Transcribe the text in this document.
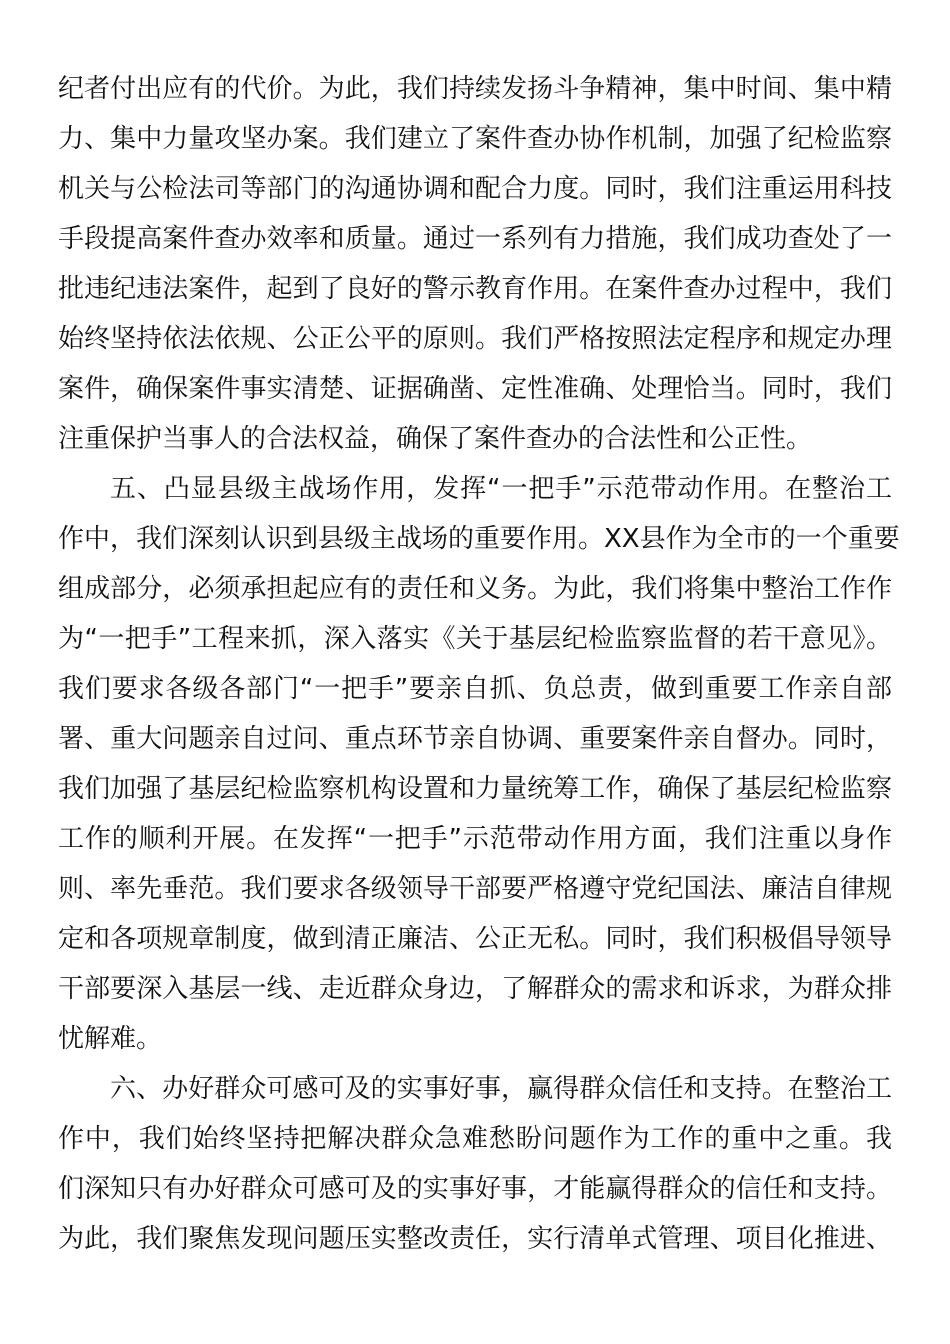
纪者付出应有的代价。为此，我们持续发扬斗争精神，集中时间、集中精
力、集中力量攻坚办案。我们建立了案件查办协作机制，加强了纪检监察
机关与公检法司等部门的沟通协调和配合力度。同时，我们注重运用科技
手段提高案件查办效率和质量。通过一系列有力措施，我们成功查处了一
批违纪违法案件，起到了良好的警示教育作用。在案件查办过程中，我们
始终坚持依法依规、公正公平的原则。我们严格按照法定程序和规定办理
案件，确保案件事实清楚、证据确凿、定性准确、处理恰当。同时，我们
注重保护当事人的合法权益，确保了案件查办的合法性和公正性。
五、凸显县级主战场作用，发挥“一把手”示范带动作用。在整治工
作中，我们深刻认识到县级主战场的重要作用。XX县作为全市的一个重要
组成部分，必须承担起应有的责任和义务。为此，我们将集中整治工作作
为“一把手”工程来抓，深入落实《关于基层纪检监察监督的若干意见》。
我们要求各级各部门“一把手”要亲自抓、负总责，做到重要工作亲自部
署、重大问题亲自过问、重点环节亲自协调、重要案件亲自督办。同时，
我们加强了基层纪检监察机构设置和力量统筹工作，确保了基层纪检监察
工作的顺利开展。在发挥“一把手”示范带动作用方面，我们注重以身作
则、率先垂范。我们要求各级领导干部要严格遵守党纪国法、廉洁自律规
定和各项规章制度，做到清正廉洁、公正无私。同时，我们积极倡导领导
干部要深入基层一线、走近群众身边，了解群众的需求和诉求，为群众排
忧解难。
六、办好群众可感可及的实事好事，赢得群众信任和支持。在整治工
作中，我们始终坚持把解决群众急难愁盼问题作为工作的重中之重。我
们深知只有办好群众可感可及的实事好事，才能赢得群众的信任和支持。
为此，我们聚焦发现问题压实整改责任，实行清单式管理、项目化推进、
